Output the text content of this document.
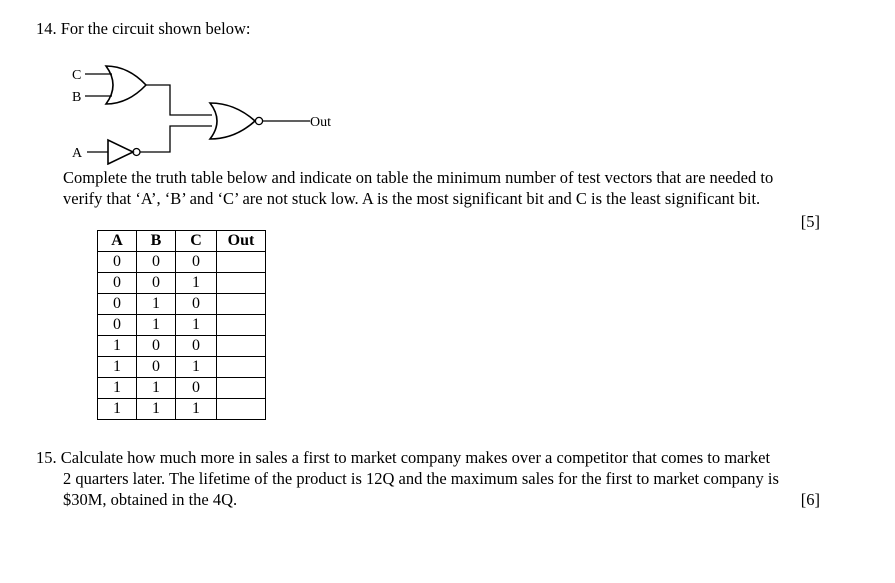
14. For the circuit shown below:
C
B
A
Out
Complete the truth table below and indicate on table the minimum number of test vectors that are needed to
verify that ‘A’, ‘B’ and ‘C’ are not stuck low. A is the most significant bit and C is the least significant bit.
[5]
A	B	C	Out
0	0	0	
0	0	1	
0	1	0	
0	1	1	
1	0	0	
1	0	1	
1	1	0	
1	1	1	
15. Calculate how much more in sales a first to market company makes over a competitor that comes to market
2 quarters later. The lifetime of the product is 12Q and the maximum sales for the first to market company is
$30M, obtained in the 4Q.	[6]
